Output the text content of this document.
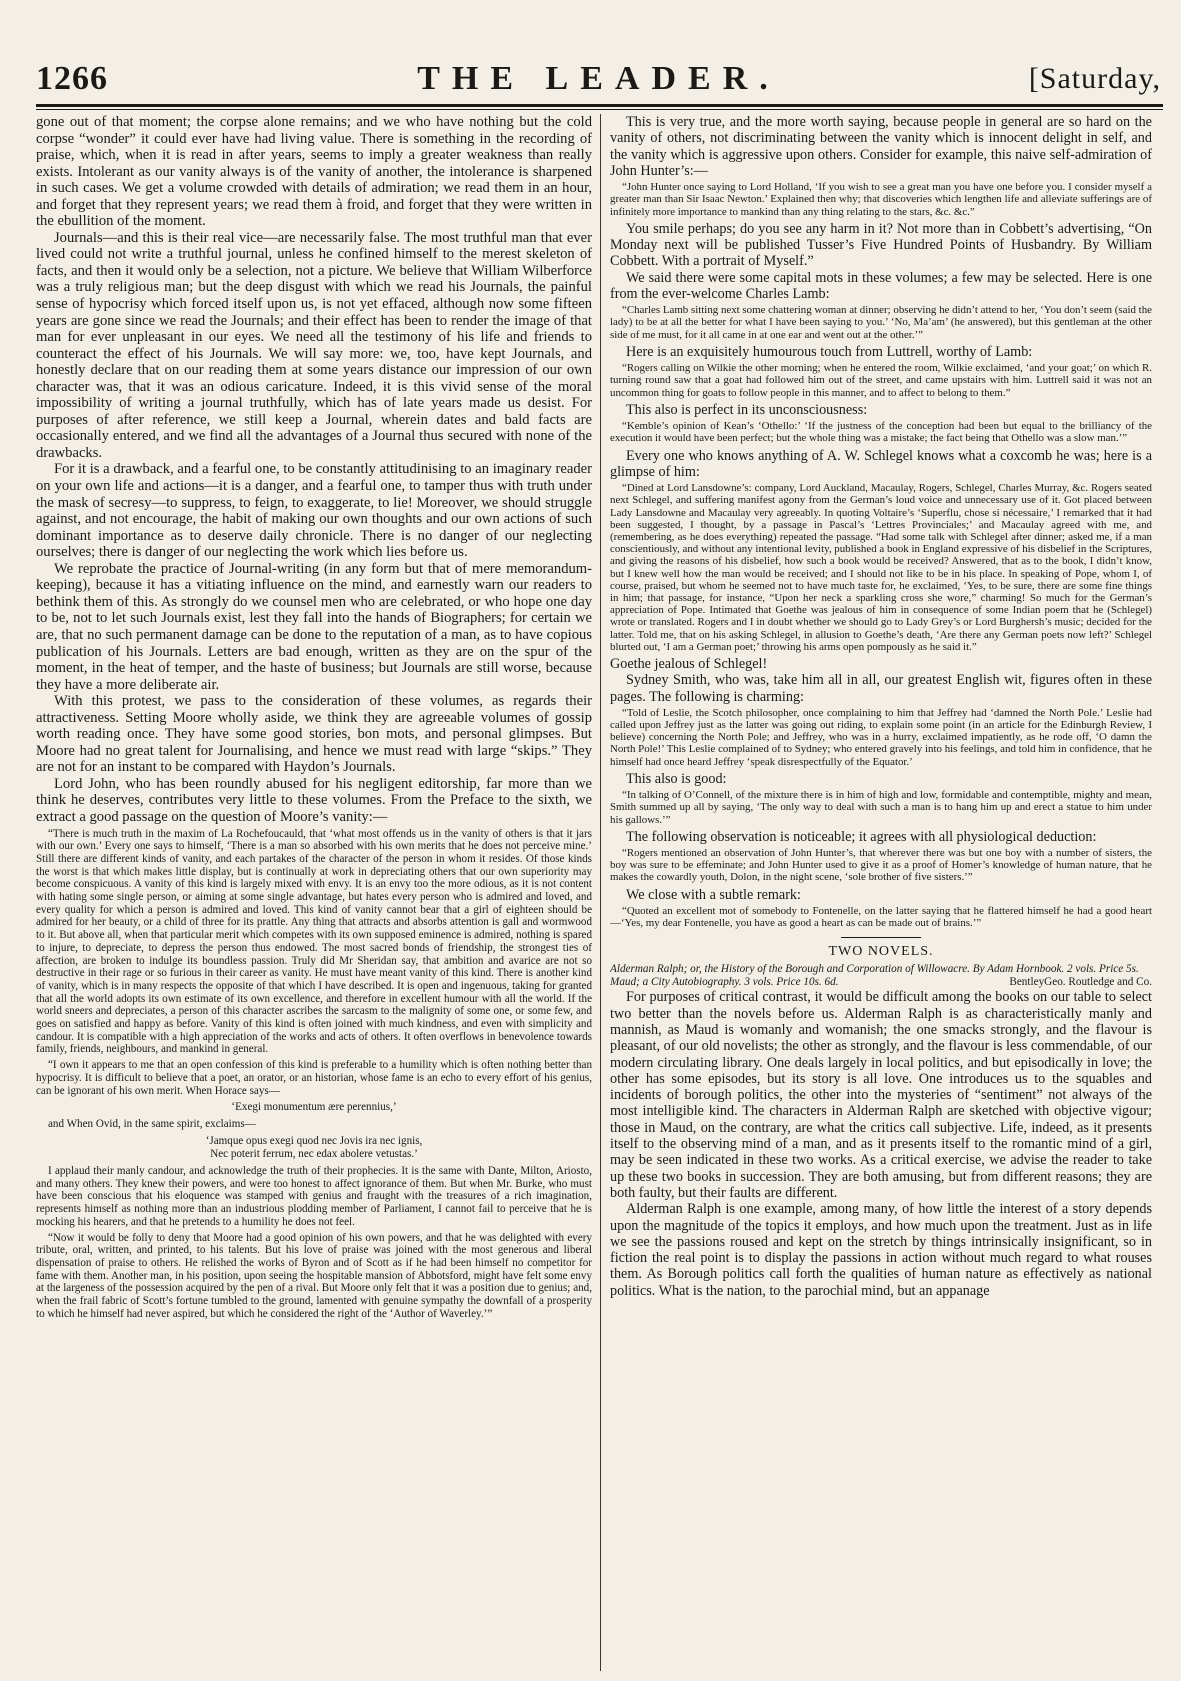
1266	THE LEADER.	[Saturday,

gone out of that moment; the corpse alone remains; and we who have nothing but the cold corpse “wonder” it could ever have had living value. There is something in the recording of praise, which, when it is read in after years, seems to imply a greater weakness than really exists. Intolerant as our vanity always is of the vanity of another, the intolerance is sharpened in such cases. We get a volume crowded with details of admiration; we read them in an hour, and forget that they represent years; we read them à froid, and forget that they were written in the ebullition of the moment.

Journals—and this is their real vice—are necessarily false. The most truthful man that ever lived could not write a truthful journal, unless he confined himself to the merest skeleton of facts, and then it would only be a selection, not a picture. We believe that William Wilberforce was a truly religious man; but the deep disgust with which we read his Journals, the painful sense of hypocrisy which forced itself upon us, is not yet effaced, although now some fifteen years are gone since we read the Journals; and their effect has been to render the image of that man for ever unpleasant in our eyes. We need all the testimony of his life and friends to counteract the effect of his Journals. We will say more: we, too, have kept Journals, and honestly declare that on our reading them at some years distance our impression of our own character was, that it was an odious caricature. Indeed, it is this vivid sense of the moral impossibility of writing a journal truthfully, which has of late years made us desist. For purposes of after reference, we still keep a Journal, wherein dates and bald facts are occasionally entered, and we find all the advantages of a Journal thus secured with none of the drawbacks.

For it is a drawback, and a fearful one, to be constantly attitudinising to an imaginary reader on your own life and actions—it is a danger, and a fearful one, to tamper thus with truth under the mask of secresy—to suppress, to feign, to exaggerate, to lie! Moreover, we should struggle against, and not encourage, the habit of making our own thoughts and our own actions of such dominant importance as to deserve daily chronicle. There is no danger of our neglecting ourselves; there is danger of our neglecting the work which lies before us.

We reprobate the practice of Journal-writing (in any form but that of mere memorandum-keeping), because it has a vitiating influence on the mind, and earnestly warn our readers to bethink them of this. As strongly do we counsel men who are celebrated, or who hope one day to be, not to let such Journals exist, lest they fall into the hands of Biographers; for certain we are, that no such permanent damage can be done to the reputation of a man, as to have copious publication of his Journals. Letters are bad enough, written as they are on the spur of the moment, in the heat of temper, and the haste of business; but Journals are still worse, because they have a more deliberate air.

With this protest, we pass to the consideration of these volumes, as regards their attractiveness. Setting Moore wholly aside, we think they are agreeable volumes of gossip worth reading once. They have some good stories, bon mots, and personal glimpses. But Moore had no great talent for Journalising, and hence we must read with large “skips.” They are not for an instant to be compared with Haydon’s Journals.

Lord John, who has been roundly abused for his negligent editorship, far more than we think he deserves, contributes very little to these volumes. From the Preface to the sixth, we extract a good passage on the question of Moore’s vanity:—

“There is much truth in the maxim of La Rochefoucauld, that ‘what most offends us in the vanity of others is that it jars with our own.’ Every one says to himself, ‘There is a man so absorbed with his own merits that he does not perceive mine.’ Still there are different kinds of vanity, and each partakes of the character of the person in whom it resides. Of those kinds the worst is that which makes little display, but is continually at work in depreciating others that our own superiority may become conspicuous. A vanity of this kind is largely mixed with envy. It is an envy too the more odious, as it is not content with hating some single person, or aiming at some single advantage, but hates every person who is admired and loved, and every quality for which a person is admired and loved. This kind of vanity cannot bear that a girl of eighteen should be admired for her beauty, or a child of three for its prattle. Any thing that attracts and absorbs attention is gall and wormwood to it. But above all, when that particular merit which competes with its own supposed eminence is admired, nothing is spared to injure, to depreciate, to depress the person thus endowed. The most sacred bonds of friendship, the strongest ties of affection, are broken to indulge its boundless passion. Truly did Mr Sheridan say, that ambition and avarice are not so destructive in their rage or so furious in their career as vanity. He must have meant vanity of this kind. There is another kind of vanity, which is in many respects the opposite of that which I have described. It is open and ingenuous, taking for granted that all the world adopts its own estimate of its own excellence, and therefore in excellent humour with all the world. If the world sneers and depreciates, a person of this character ascribes the sarcasm to the malignity of some one, or some few, and goes on satisfied and happy as before. Vanity of this kind is often joined with much kindness, and even with simplicity and candour. It is compatible with a high appreciation of the works and acts of others. It often overflows in benevolence towards family, friends, neighbours, and mankind in general.

“I own it appears to me that an open confession of this kind is preferable to a humility which is often nothing better than hypocrisy. It is difficult to believe that a poet, an orator, or an historian, whose fame is an echo to every effort of his genius, can be ignorant of his own merit. When Horace says—

‘Exegi monumentum ære perennius,’

and When Ovid, in the same spirit, exclaims—

‘Jamque opus exegi quod nec Jovis ira nec ignis,
Nec poterit ferrum, nec edax abolere vetustas.’

I applaud their manly candour, and acknowledge the truth of their prophecies. It is the same with Dante, Milton, Ariosto, and many others. They knew their powers, and were too honest to affect ignorance of them. But when Mr. Burke, who must have been conscious that his eloquence was stamped with genius and fraught with the treasures of a rich imagination, represents himself as nothing more than an industrious plodding member of Parliament, I cannot fail to perceive that he is mocking his hearers, and that he pretends to a humility he does not feel.

“Now it would be folly to deny that Moore had a good opinion of his own powers, and that he was delighted with every tribute, oral, written, and printed, to his talents. But his love of praise was joined with the most generous and liberal dispensation of praise to others. He relished the works of Byron and of Scott as if he had been himself no competitor for fame with them. Another man, in his position, upon seeing the hospitable mansion of Abbotsford, might have felt some envy at the largeness of the possession acquired by the pen of a rival. But Moore only felt that it was a position due to genius; and, when the frail fabric of Scott’s fortune tumbled to the ground, lamented with genuine sympathy the downfall of a prosperity to which he himself had never aspired, but which he considered the right of the ‘Author of Waverley.’”

This is very true, and the more worth saying, because people in general are so hard on the vanity of others, not discriminating between the vanity which is innocent delight in self, and the vanity which is aggressive upon others. Consider for example, this naive self-admiration of John Hunter’s:—

“John Hunter once saying to Lord Holland, ‘If you wish to see a great man you have one before you. I consider myself a greater man than Sir Isaac Newton.’ Explained then why; that discoveries which lengthen life and alleviate sufferings are of infinitely more importance to mankind than any thing relating to the stars, &c. &c.”

You smile perhaps; do you see any harm in it? Not more than in Cobbett’s advertising, “On Monday next will be published Tusser’s Five Hundred Points of Husbandry. By William Cobbett. With a portrait of Myself.”

We said there were some capital mots in these volumes; a few may be selected. Here is one from the ever-welcome Charles Lamb:

“Charles Lamb sitting next some chattering woman at dinner; observing he didn’t attend to her, ‘You don’t seem (said the lady) to be at all the better for what I have been saying to you.’ ‘No, Ma’am’ (he answered), but this gentleman at the other side of me must, for it all came in at one ear and went out at the other.’”

Here is an exquisitely humourous touch from Luttrell, worthy of Lamb:

“Rogers calling on Wilkie the other morning; when he entered the room, Wilkie exclaimed, ‘and your goat;’ on which R. turning round saw that a goat had followed him out of the street, and came upstairs with him. Luttrell said it was not an uncommon thing for goats to follow people in this manner, and to affect to belong to them.”

This also is perfect in its unconsciousness:

“Kemble’s opinion of Kean’s ‘Othello:’ ‘If the justness of the conception had been but equal to the brilliancy of the execution it would have been perfect; but the whole thing was a mistake; the fact being that Othello was a slow man.’”

Every one who knows anything of A. W. Schlegel knows what a coxcomb he was; here is a glimpse of him:

“Dined at Lord Lansdowne’s: company, Lord Auckland, Macaulay, Rogers, Schlegel, Charles Murray, &c. Rogers seated next Schlegel, and suffering manifest agony from the German’s loud voice and unnecessary use of it. Got placed between Lady Lansdowne and Macaulay very agreeably. In quoting Voltaire’s ‘Superflu, chose si nécessaire,’ I remarked that it had been suggested, I thought, by a passage in Pascal’s ‘Lettres Provinciales;’ and Macaulay agreed with me, and (remembering, as he does everything) repeated the passage. “Had some talk with Schlegel after dinner; asked me, if a man conscientiously, and without any intentional levity, published a book in England expressive of his disbelief in the Scriptures, and giving the reasons of his disbelief, how such a book would be received? Answered, that as to the book, I didn’t know, but I knew well how the man would be received; and I should not like to be in his place. In speaking of Pope, whom I, of course, praised, but whom he seemed not to have much taste for, he exclaimed, ‘Yes, to be sure, there are some fine things in him; that passage, for instance, “Upon her neck a sparkling cross she wore,” charming! So much for the German’s appreciation of Pope. Intimated that Goethe was jealous of him in consequence of some Indian poem that he (Schlegel) wrote or translated. Rogers and I in doubt whether we should go to Lady Grey’s or Lord Burghersh’s music; decided for the latter. Told me, that on his asking Schlegel, in allusion to Goethe’s death, ‘Are there any German poets now left?’ Schlegel blurted out, ‘I am a German poet;’ throwing his arms open pompously as he said it.”

Goethe jealous of Schlegel!

Sydney Smith, who was, take him all in all, our greatest English wit, figures often in these pages. The following is charming:

“Told of Leslie, the Scotch philosopher, once complaining to him that Jeffrey had ‘damned the North Pole.’ Leslie had called upon Jeffrey just as the latter was going out riding, to explain some point (in an article for the Edinburgh Review, I believe) concerning the North Pole; and Jeffrey, who was in a hurry, exclaimed impatiently, as he rode off, ‘O damn the North Pole!’ This Leslie complained of to Sydney; who entered gravely into his feelings, and told him in confidence, that he himself had once heard Jeffrey ‘speak disrespectfully of the Equator.’

This also is good:

“In talking of O’Connell, of the mixture there is in him of high and low, formidable and contemptible, mighty and mean, Smith summed up all by saying, ‘The only way to deal with such a man is to hang him up and erect a statue to him under his gallows.’”

The following observation is noticeable; it agrees with all physiological deduction:

“Rogers mentioned an observation of John Hunter’s, that wherever there was but one boy with a number of sisters, the boy was sure to be effeminate; and John Hunter used to give it as a proof of Homer’s knowledge of human nature, that he makes the cowardly youth, Dolon, in the night scene, ‘sole brother of five sisters.’”

We close with a subtle remark:

“Quoted an excellent mot of somebody to Fontenelle, on the latter saying that he flattered himself he had a good heart—‘Yes, my dear Fontenelle, you have as good a heart as can be made out of brains.’”

TWO NOVELS.

Alderman Ralph; or, the History of the Borough and Corporation of Willowacre. By Adam Hornbook. 2 vols. Price 5s.
Geo. Routledge and Co.

Maud; a City Autobiography. 3 vols. Price 10s. 6d.	Bentley

For purposes of critical contrast, it would be difficult among the books on our table to select two better than the novels before us. Alderman Ralph is as characteristically manly and mannish, as Maud is womanly and womanish; the one smacks strongly, and the flavour is pleasant, of our old novelists; the other as strongly, and the flavour is less commendable, of our modern circulating library. One deals largely in local politics, and but episodically in love; the other has some episodes, but its story is all love. One introduces us to the squables and incidents of borough politics, the other into the mysteries of “sentiment” not always of the most intelligible kind. The characters in Alderman Ralph are sketched with objective vigour; those in Maud, on the contrary, are what the critics call subjective. Life, indeed, as it presents itself to the observing mind of a man, and as it presents itself to the romantic mind of a girl, may be seen indicated in these two works. As a critical exercise, we advise the reader to take up these two books in succession. They are both amusing, but from different reasons; they are both faulty, but their faults are different.

Alderman Ralph is one example, among many, of how little the interest of a story depends upon the magnitude of the topics it employs, and how much upon the treatment. Just as in life we see the passions roused and kept on the stretch by things intrinsically insignificant, so in fiction the real point is to display the passions in action without much regard to what rouses them. As Borough politics call forth the qualities of human nature as effectively as national politics. What is the nation, to the parochial mind, but an appanage
